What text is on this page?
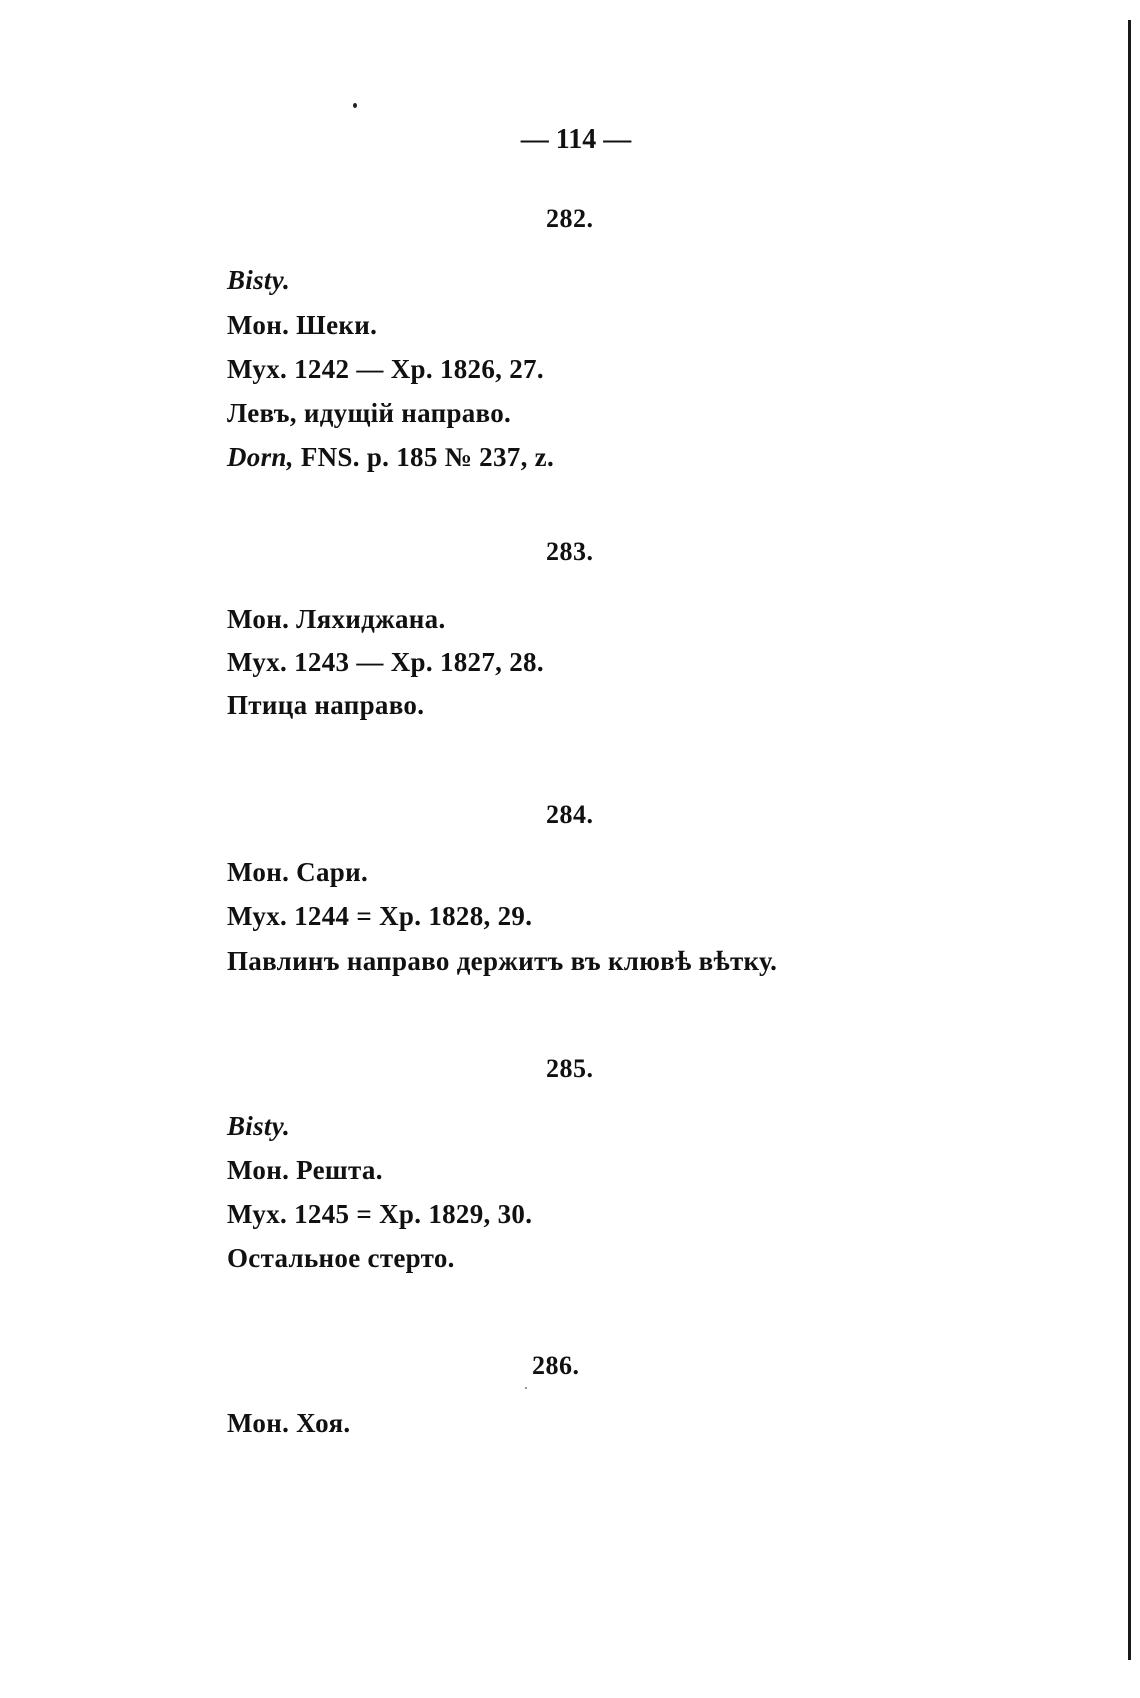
— 114 —
282.
Bisty.
Мон. Шеки.
Мух. 1242 — Хр. 1826, 27.
Левъ, идущій направо.
Dorn, FNS. p. 185 № 237, z.
283.
Мон. Ляхиджана.
Мух. 1243 — Хр. 1827, 28.
Птица направо.
284.
Мон. Сари.
Мух. 1244 = Хр. 1828, 29.
Павлинъ направо держитъ въ клювѣ вѣтку.
285.
Bisty.
Мон. Решта.
Мух. 1245 = Хр. 1829, 30.
Остальное стерто.
286.
Мон. Хоя.
